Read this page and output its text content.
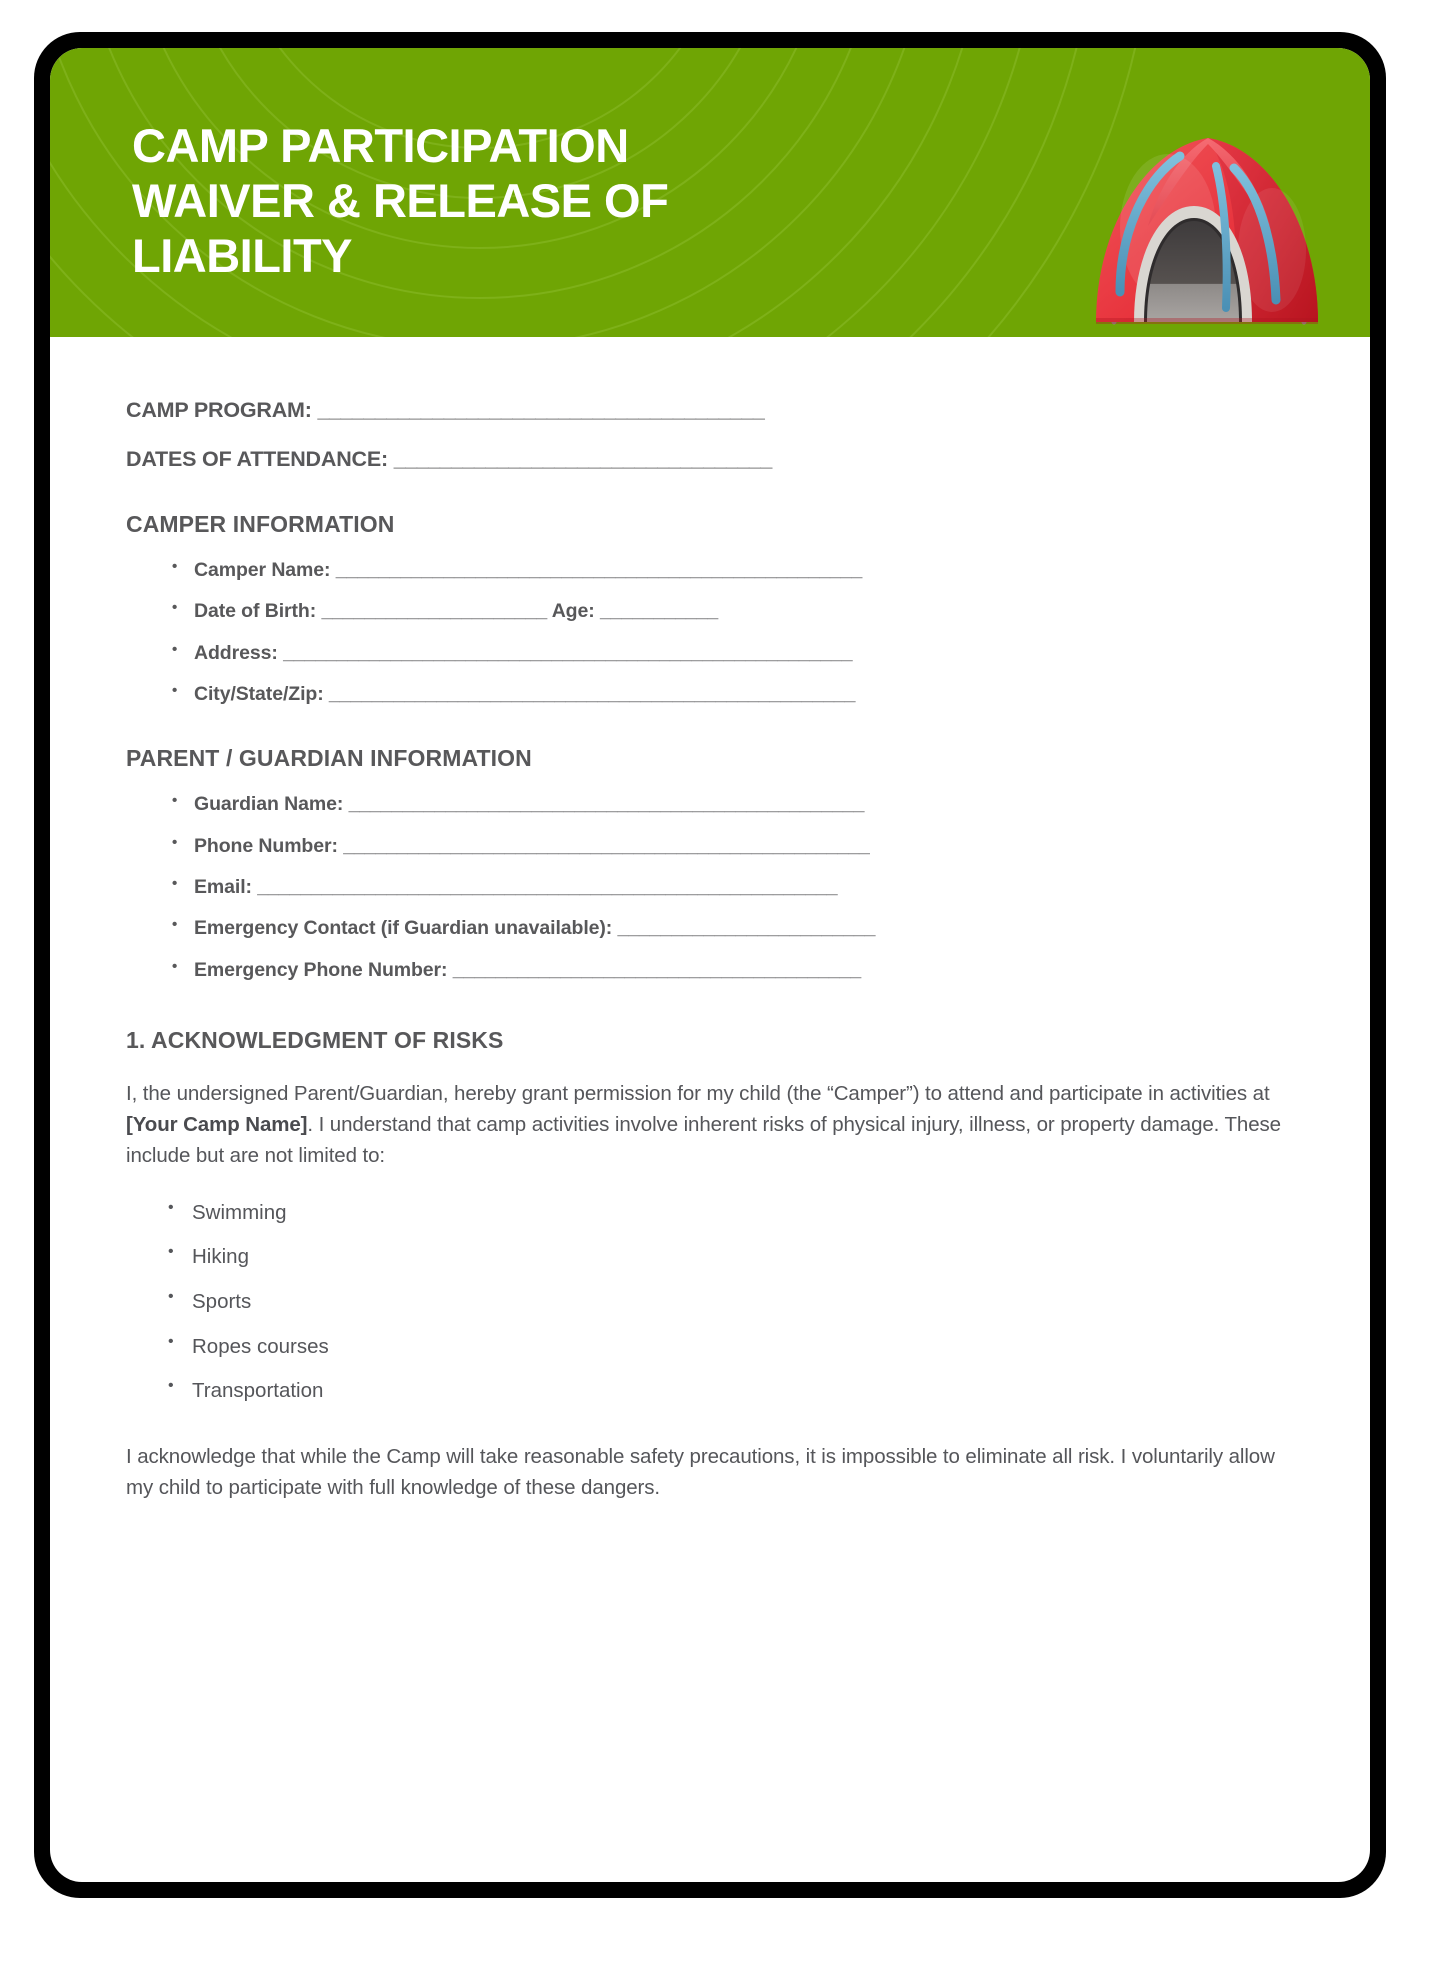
CAMP PARTICIPATION
WAIVER & RELEASE OF
LIABILITY
CAMP PROGRAM: _______________________________________
DATES OF ATTENDANCE: _________________________________
CAMPER INFORMATION
• Camper Name: _________________________________________________
• Date of Birth: _____________________ Age: ___________
• Address: _____________________________________________________
• City/State/Zip: _________________________________________________
PARENT / GUARDIAN INFORMATION
• Guardian Name: ________________________________________________
• Phone Number: _________________________________________________
• Email: ______________________________________________________
• Emergency Contact (if Guardian unavailable): ________________________
• Emergency Phone Number: ______________________________________
1. ACKNOWLEDGMENT OF RISKS

I, the undersigned Parent/Guardian, hereby grant permission for my child (the “Camper”) to attend and participate in activities at [Your Camp Name]. I understand that camp activities involve inherent risks of physical injury, illness, or property damage. These include but are not limited to:

• Swimming
• Hiking
• Sports
• Ropes courses
• Transportation

I acknowledge that while the Camp will take reasonable safety precautions, it is impossible to eliminate all risk. I voluntarily allow my child to participate with full knowledge of these dangers.
